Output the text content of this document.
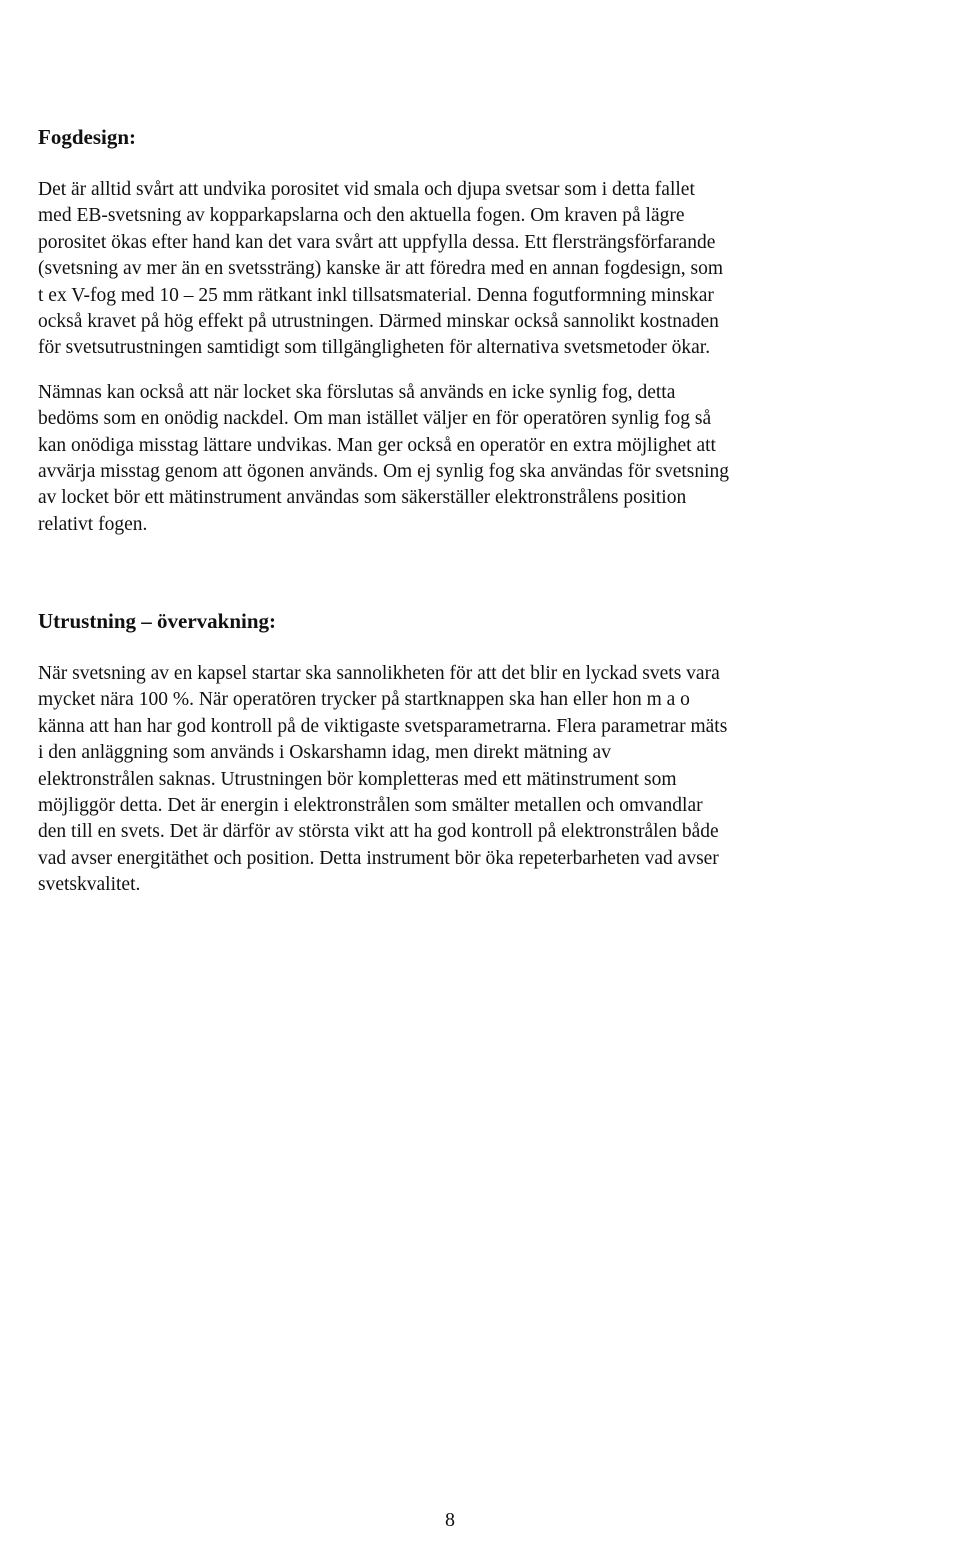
Fogdesign:
Det är alltid svårt att undvika porositet vid smala och djupa svetsar som i detta fallet
med EB-svetsning av kopparkapslarna och den aktuella fogen. Om kraven på lägre
porositet ökas efter hand kan det vara svårt att uppfylla dessa. Ett flersträngsförfarande
(svetsning av mer än en svetssträng) kanske är att föredra med en annan fogdesign, som
t ex V-fog med 10 – 25 mm rätkant inkl tillsatsmaterial. Denna fogutformning minskar
också kravet på hög effekt på utrustningen. Därmed minskar också sannolikt kostnaden
för svetsutrustningen samtidigt som tillgängligheten för alternativa svetsmetoder ökar.
Nämnas kan också att när locket ska förslutas så används en icke synlig fog, detta
bedöms som en onödig nackdel. Om man istället väljer en för operatören synlig fog så
kan onödiga misstag lättare undvikas. Man ger också en operatör en extra möjlighet att
avvärja misstag genom att ögonen används. Om ej synlig fog ska användas för svetsning
av locket bör ett mätinstrument användas som säkerställer elektronstrålens position
relativt fogen.
Utrustning – övervakning:
När svetsning av en kapsel startar ska sannolikheten för att det blir en lyckad svets vara
mycket nära 100 %. När operatören trycker på startknappen ska han eller hon m a o
känna att han har god kontroll på de viktigaste svetsparametrarna. Flera parametrar mäts
i den anläggning som används i Oskarshamn idag, men direkt mätning av
elektronstrålen saknas. Utrustningen bör kompletteras med ett mätinstrument som
möjliggör detta. Det är energin i elektronstrålen som smälter metallen och omvandlar
den till en svets. Det är därför av största vikt att ha god kontroll på elektronstrålen både
vad avser energitäthet och position. Detta instrument bör öka repeterbarheten vad avser
svetskvalitet.
8
